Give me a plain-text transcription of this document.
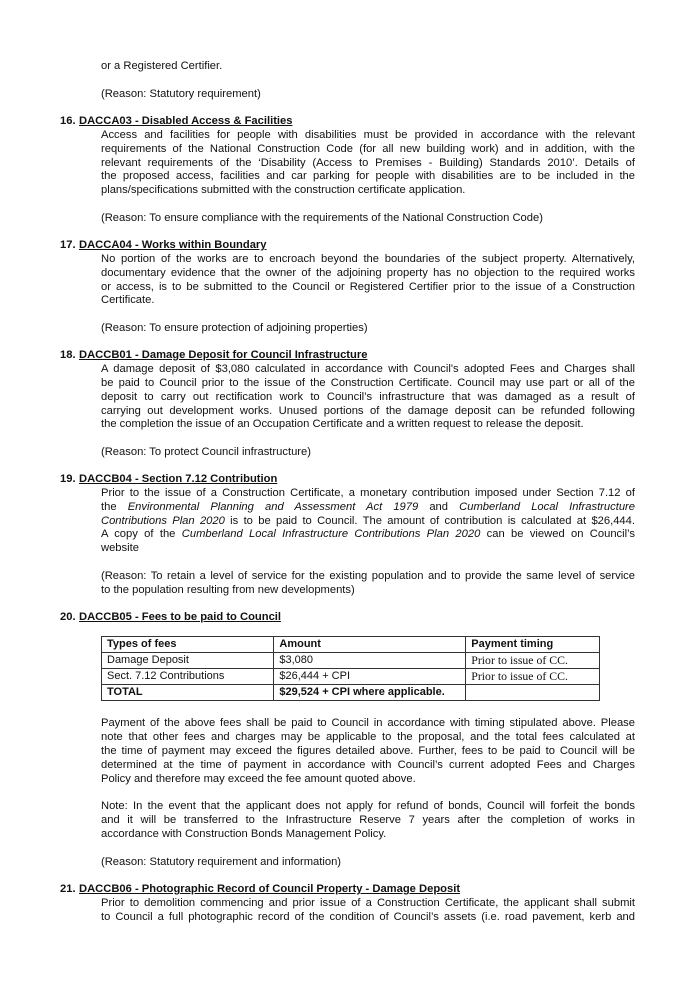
or a Registered Certifier.
(Reason: Statutory requirement)
16. DACCA03 - Disabled Access & Facilities
Access and facilities for people with disabilities must be provided in accordance with the relevant
requirements of the National Construction Code (for all new building work) and in addition, with the
relevant requirements of the ‘Disability (Access to Premises - Building) Standards 2010’. Details of
the proposed access, facilities and car parking for people with disabilities are to be included in the
plans/specifications submitted with the construction certificate application.
(Reason: To ensure compliance with the requirements of the National Construction Code)
17. DACCA04 - Works within Boundary
No portion of the works are to encroach beyond the boundaries of the subject property. Alternatively,
documentary evidence that the owner of the adjoining property has no objection to the required works
or access, is to be submitted to the Council or Registered Certifier prior to the issue of a Construction
Certificate.
(Reason: To ensure protection of adjoining properties)
18. DACCB01 - Damage Deposit for Council Infrastructure
A damage deposit of $3,080 calculated in accordance with Council's adopted Fees and Charges shall
be paid to Council prior to the issue of the Construction Certificate. Council may use part or all of the
deposit to carry out rectification work to Council’s infrastructure that was damaged as a result of
carrying out development works. Unused portions of the damage deposit can be refunded following
the completion the issue of an Occupation Certificate and a written request to release the deposit.
(Reason: To protect Council infrastructure)
19. DACCB04 - Section 7.12 Contribution
Prior to the issue of a Construction Certificate, a monetary contribution imposed under Section 7.12 of
the Environmental Planning and Assessment Act 1979 and Cumberland Local Infrastructure
Contributions Plan 2020 is to be paid to Council. The amount of contribution is calculated at $26,444.
A copy of the Cumberland Local Infrastructure Contributions Plan 2020 can be viewed on Council’s
website
(Reason: To retain a level of service for the existing population and to provide the same level of service
to the population resulting from new developments)
20. DACCB05 - Fees to be paid to Council
Types of fees	Amount	Payment timing
Damage Deposit	$3,080	Prior to issue of CC.
Sect. 7.12 Contributions	$26,444 + CPI	Prior to issue of CC.
TOTAL	$29,524 + CPI where applicable.	
Payment of the above fees shall be paid to Council in accordance with timing stipulated above. Please
note that other fees and charges may be applicable to the proposal, and the total fees calculated at
the time of payment may exceed the figures detailed above. Further, fees to be paid to Council will be
determined at the time of payment in accordance with Council’s current adopted Fees and Charges
Policy and therefore may exceed the fee amount quoted above.
Note: In the event that the applicant does not apply for refund of bonds, Council will forfeit the bonds
and it will be transferred to the Infrastructure Reserve 7 years after the completion of works in
accordance with Construction Bonds Management Policy.
(Reason: Statutory requirement and information)
21. DACCB06 - Photographic Record of Council Property - Damage Deposit
Prior to demolition commencing and prior issue of a Construction Certificate, the applicant shall submit
to Council a full photographic record of the condition of Council’s assets (i.e. road pavement, kerb and
